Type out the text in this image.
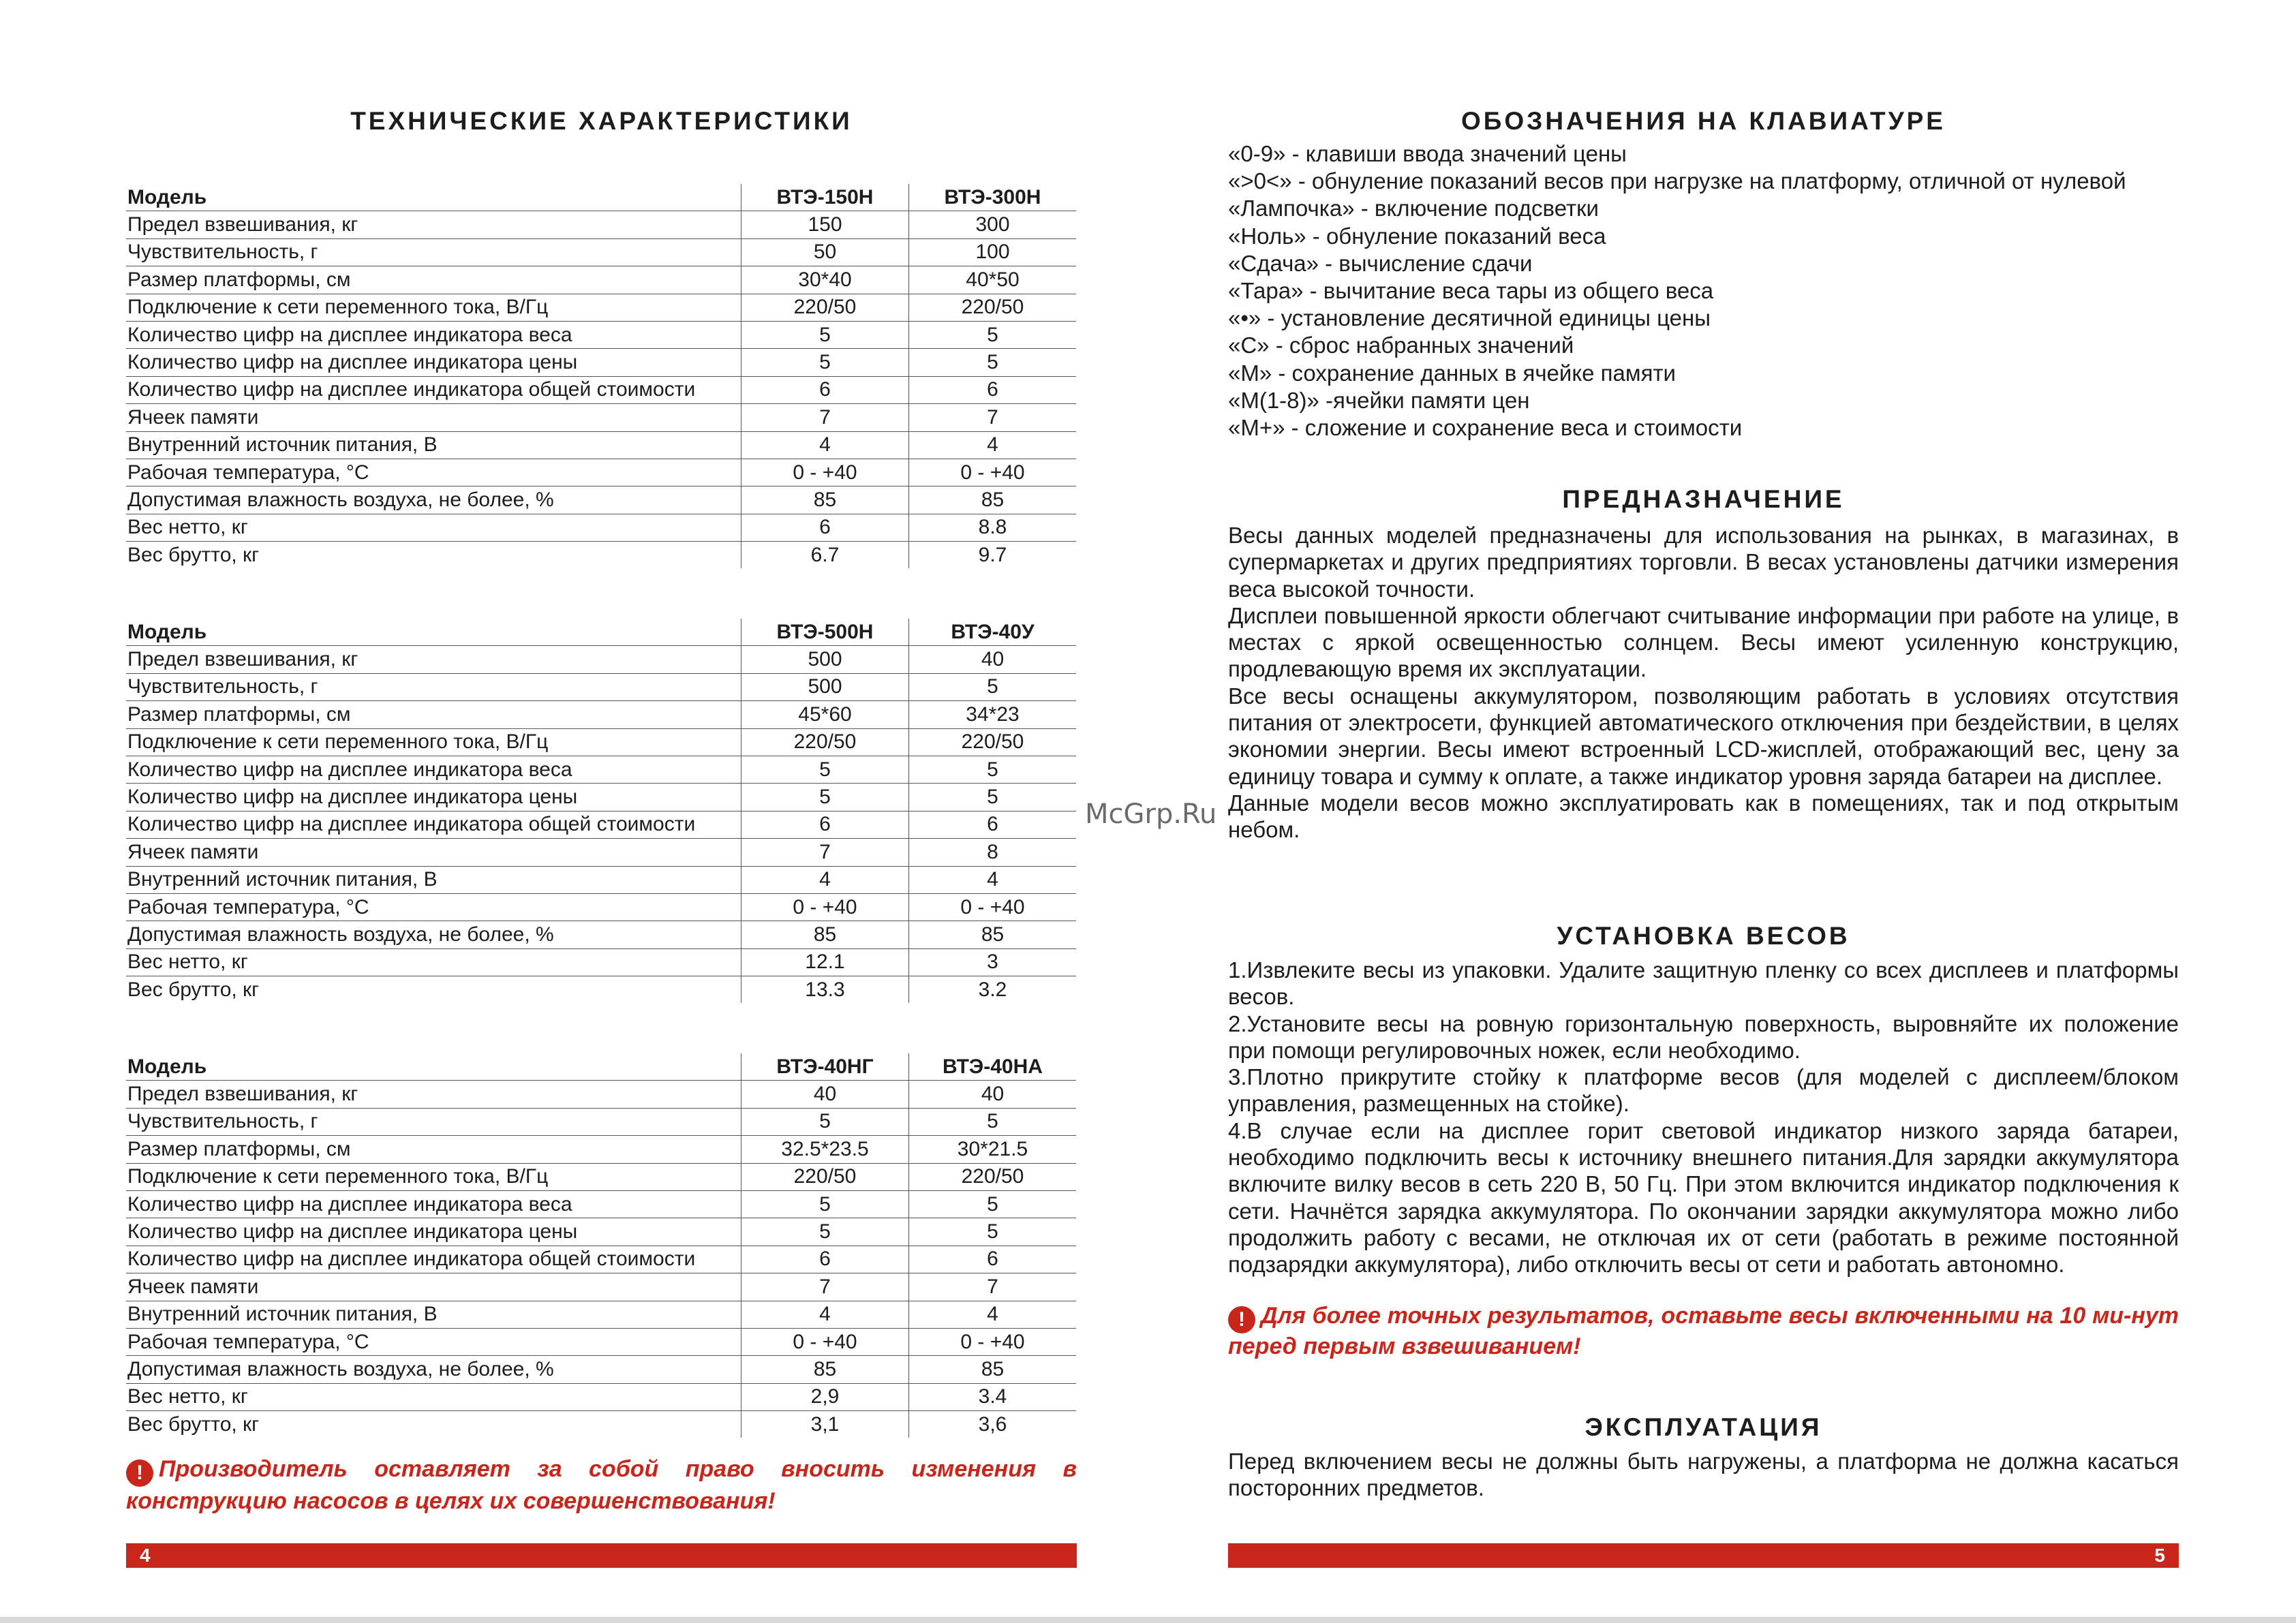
ТЕХНИЧЕСКИЕ ХАРАКТЕРИСТИКИ
Модель	ВТЭ-150Н	ВТЭ-300Н
Предел взвешивания, кг	150	300
Чувствительность, г	50	100
Размер платформы, см	30*40	40*50
Подключение к сети переменного тока, В/Гц	220/50	220/50
Количество цифр на дисплее индикатора веса	5	5
Количество цифр на дисплее индикатора цены	5	5
Количество цифр на дисплее индикатора общей стоимости	6	6
Ячеек памяти	7	7
Внутренний источник питания, В	4	4
Рабочая температура, °С	0 - +40	0 - +40
Допустимая влажность воздуха, не более, %	85	85
Вес нетто, кг	6	8.8
Вес брутто, кг	6.7	9.7
Модель	ВТЭ-500Н	ВТЭ-40У
Предел взвешивания, кг	500	40
Чувствительность, г	500	5
Размер платформы, см	45*60	34*23
Подключение к сети переменного тока, В/Гц	220/50	220/50
Количество цифр на дисплее индикатора веса	5	5
Количество цифр на дисплее индикатора цены	5	5
Количество цифр на дисплее индикатора общей стоимости	6	6
Ячеек памяти	7	8
Внутренний источник питания, В	4	4
Рабочая температура, °С	0 - +40	0 - +40
Допустимая влажность воздуха, не более, %	85	85
Вес нетто, кг	12.1	3
Вес брутто, кг	13.3	3.2
Модель	ВТЭ-40НГ	ВТЭ-40НА
Предел взвешивания, кг	40	40
Чувствительность, г	5	5
Размер платформы, см	32.5*23.5	30*21.5
Подключение к сети переменного тока, В/Гц	220/50	220/50
Количество цифр на дисплее индикатора веса	5	5
Количество цифр на дисплее индикатора цены	5	5
Количество цифр на дисплее индикатора общей стоимости	6	6
Ячеек памяти	7	7
Внутренний источник питания, В	4	4
Рабочая температура, °С	0 - +40	0 - +40
Допустимая влажность воздуха, не более, %	85	85
Вес нетто, кг	2,9	3.4
Вес брутто, кг	3,1	3,6

! Производитель оставляет за собой право вносить изменения в конструкцию насосов в целях их совершенствования!

4
McGrp.Ru
ОБОЗНАЧЕНИЯ НА КЛАВИАТУРЕ
«0-9» - клавиши ввода значений цены
«>0<» - обнуление показаний весов при нагрузке на платформу, отличной от нулевой
«Лампочка» - включение подсветки
«Ноль» - обнуление показаний веса
«Сдача» - вычисление сдачи
«Тара» - вычитание веса тары из общего веса
«•» - установление десятичной единицы цены
«С» - сброс набранных значений
«М» - сохранение данных в ячейке памяти
«М(1-8)» -ячейки памяти цен
«М+» - сложение и сохранение веса и стоимости
ПРЕДНАЗНАЧЕНИЕ

Весы данных моделей предназначены для использования на рынках, в магазинах, в супермаркетах и других предприятиях торговли. В весах установлены датчики измерения веса высокой точности.

Дисплеи повышенной яркости облегчают считывание информации при работе на улице, в местах с яркой освещенностью солнцем. Весы имеют усиленную конструкцию, продлевающую время их эксплуатации.

Все весы оснащены аккумулятором, позволяющим работать в условиях отсутствия питания от электросети, функцией автоматического отключения при бездействии, в целях экономии энергии. Весы имеют встроенный LCD-жисплей, отображающий вес, цену за единицу товара и сумму к оплате, а также индикатор уровня заряда батареи на дисплее.

Данные модели весов можно эксплуатировать как в помещениях, так и под открытым небом.

УСТАНОВКА ВЕСОВ

1.Извлеките весы из упаковки. Удалите защитную пленку со всех дисплеев и платформы весов.

2.Установите весы на ровную горизонтальную поверхность, выровняйте их положение при помощи регулировочных ножек, если необходимо.

3.Плотно прикрутите стойку к платформе весов (для моделей с дисплеем/блоком управления, размещенных на стойке).

4.В случае если на дисплее горит световой индикатор низкого заряда батареи, необходимо подключить весы к источнику внешнего питания.Для зарядки аккумулятора включите вилку весов в сеть 220 В, 50 Гц. При этом включится индикатор подключения к сети. Начнётся зарядка аккумулятора. По окончании зарядки аккумулятора можно либо продолжить работу с весами, не отключая их от сети (работать в режиме постоянной подзарядки аккумулятора), либо отключить весы от сети и работать автономно.

! Для более точных результатов, оставьте весы включенными на 10 ми-нут перед первым взвешиванием!

ЭКСПЛУАТАЦИЯ

Перед включением весы не должны быть нагружены, а платформа не должна касаться посторонних предметов.

5
